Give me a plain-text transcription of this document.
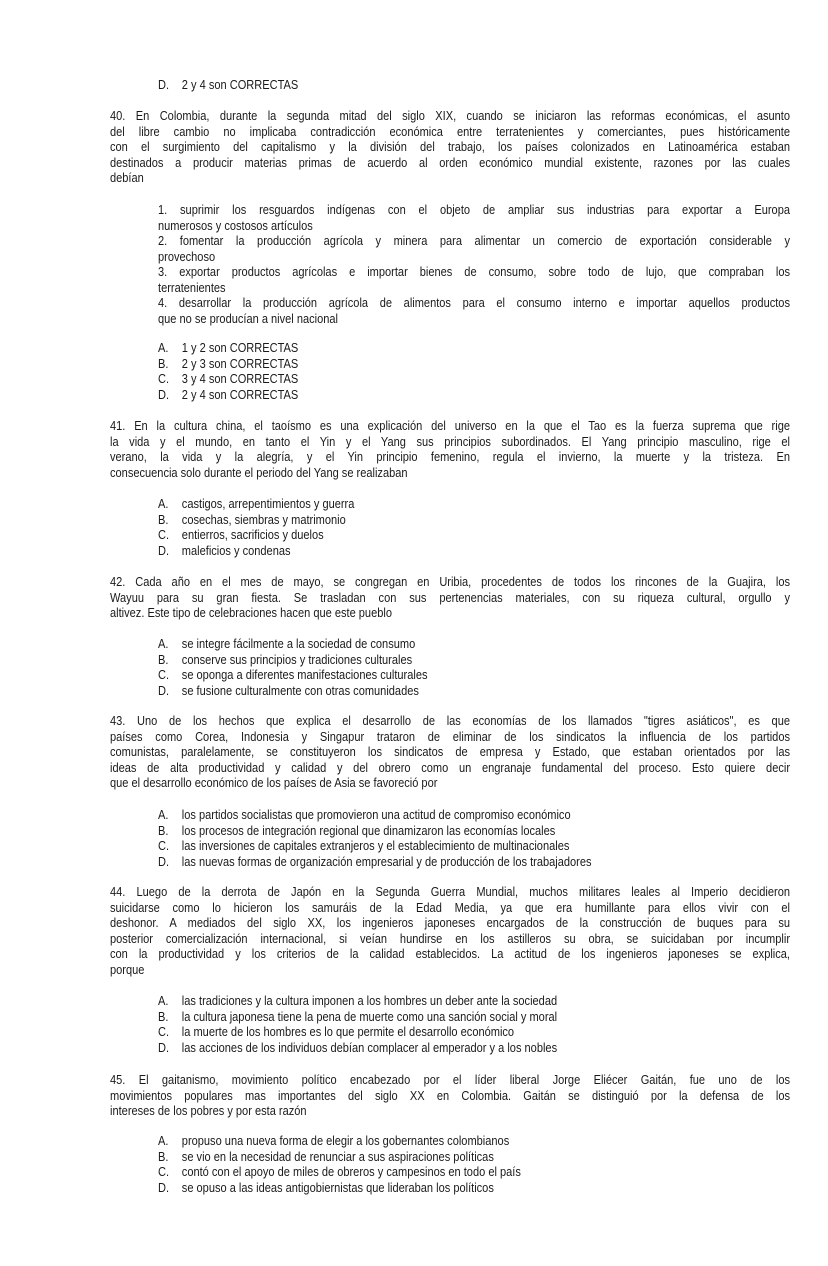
D. 2 y 4 son CORRECTAS
40. En Colombia, durante la segunda mitad del siglo XIX, cuando se iniciaron las reformas económicas, el asunto
del libre cambio no implicaba contradicción económica entre terratenientes y comerciantes, pues históricamente
con el surgimiento del capitalismo y la división del trabajo, los países colonizados en Latinoamérica estaban
destinados a producir materias primas de acuerdo al orden económico mundial existente, razones por las cuales
debían
1. suprimir los resguardos indígenas con el objeto de ampliar sus industrias para exportar a Europa
numerosos y costosos artículos
2. fomentar la producción agrícola y minera para alimentar un comercio de exportación considerable y
provechoso
3. exportar productos agrícolas e importar bienes de consumo, sobre todo de lujo, que compraban los
terratenientes
4. desarrollar la producción agrícola de alimentos para el consumo interno e importar aquellos productos
que no se producían a nivel nacional
A.	1 y 2 son CORRECTAS
B.	2 y 3 son CORRECTAS
C. 3 y 4 son CORRECTAS
D. 2 y 4 son CORRECTAS
41. En la cultura china, el taoísmo es una explicación del universo en la que el Tao es la fuerza suprema que rige
la vida y el mundo, en tanto el Yin y el Yang sus principios subordinados. El Yang principio masculino, rige el
verano, la vida y la alegría, y el Yin principio femenino, regula el invierno, la muerte y la tristeza. En
consecuencia solo durante el periodo del Yang se realizaban
A.	castigos, arrepentimientos y guerra
B.	cosechas, siembras y matrimonio
C. entierros, sacrificios y duelos
D. maleficios y condenas
42. Cada año en el mes de mayo, se congregan en Uribia, procedentes de todos los rincones de la Guajira, los
Wayuu para su gran fiesta. Se trasladan con sus pertenencias materiales, con su riqueza cultural, orgullo y
altivez. Este tipo de celebraciones hacen que este pueblo
A.	se integre fácilmente a la sociedad de consumo
B.	conserve sus principios y tradiciones culturales
C. se oponga a diferentes manifestaciones culturales
D. se fusione culturalmente con otras comunidades
43. Uno de los hechos que explica el desarrollo de las economías de los llamados "tigres asiáticos", es que
países como Corea, Indonesia y Singapur trataron de eliminar de los sindicatos la influencia de los partidos
comunistas, paralelamente, se constituyeron los sindicatos de empresa y Estado, que estaban orientados por las
ideas de alta productividad y calidad y del obrero como un engranaje fundamental del proceso. Esto quiere decir
que el desarrollo económico de los países de Asia se favoreció por
A.	los partidos socialistas que promovieron una actitud de compromiso económico
B.	los procesos de integración regional que dinamizaron las economías locales
C. las inversiones de capitales extranjeros y el establecimiento de multinacionales
D. las nuevas formas de organización empresarial y de producción de los trabajadores
44. Luego de la derrota de Japón en la Segunda Guerra Mundial, muchos militares leales al Imperio decidieron
suicidarse como lo hicieron los samuráis de la Edad Media, ya que era humillante para ellos vivir con el
deshonor. A mediados del siglo XX, los ingenieros japoneses encargados de la construcción de buques para su
posterior comercialización internacional, si veían hundirse en los astilleros su obra, se suicidaban por incumplir
con la productividad y los criterios de la calidad establecidos. La actitud de los ingenieros japoneses se explica,
porque
A.	las tradiciones y la cultura imponen a los hombres un deber ante la sociedad
B.	la cultura japonesa tiene la pena de muerte como una sanción social y moral
C. la muerte de los hombres es lo que permite el desarrollo económico
D. las acciones de los individuos debían complacer al emperador y a los nobles
45. El gaitanismo, movimiento político encabezado por el líder liberal Jorge Eliécer Gaitán, fue uno de los
movimientos populares mas importantes del siglo XX en Colombia. Gaitán se distinguió por la defensa de los
intereses de los pobres y por esta razón
A.	propuso una nueva forma de elegir a los gobernantes colombianos
B.	se vio en la necesidad de renunciar a sus aspiraciones políticas
C. contó con el apoyo de miles de obreros y campesinos en todo el país
D. se opuso a las ideas antigobiernistas que lideraban los políticos
